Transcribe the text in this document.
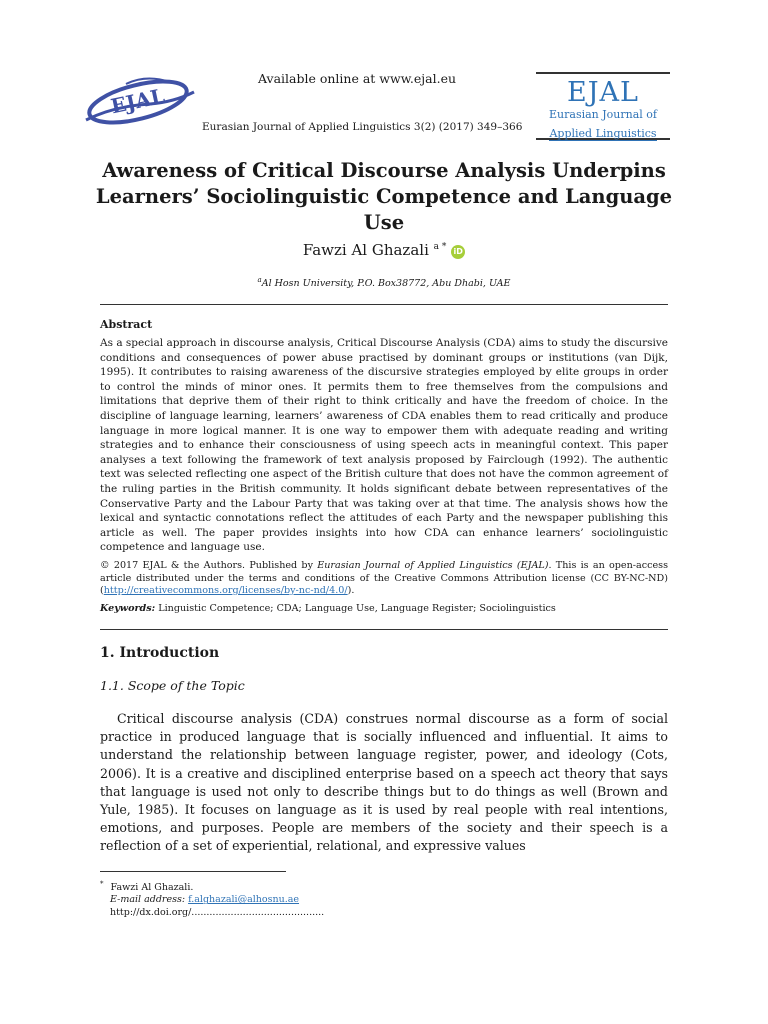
EJAL
Available online at www.ejal.eu
Eurasian Journal of Applied Linguistics 3(2) (2017) 349–366
EJAL
Eurasian Journal of
Applied Linguistics
Awareness of Critical Discourse Analysis Underpins Learners’ Sociolinguistic Competence and Language Use
Fawzi Al Ghazali $^{a *}$ iD
$^a$Al Hosn University, P.O. Box38772, Abu Dhabi, UAE
Abstract
As a special approach in discourse analysis, Critical Discourse Analysis (CDA) aims to study the discursive conditions and consequences of power abuse practised by dominant groups or institutions (van Dijk, 1995). It contributes to raising awareness of the discursive strategies employed by elite groups in order to control the minds of minor ones. It permits them to free themselves from the compulsions and limitations that deprive them of their right to think critically and have the freedom of choice. In the discipline of language learning, learners’ awareness of CDA enables them to read critically and produce language in more logical manner. It is one way to empower them with adequate reading and writing strategies and to enhance their consciousness of using speech acts in meaningful context. This paper analyses a text following the framework of text analysis proposed by Fairclough (1992). The authentic text was selected reflecting one aspect of the British culture that does not have the common agreement of the ruling parties in the British community. It holds significant debate between representatives of the Conservative Party and the Labour Party that was taking over at that time. The analysis shows how the lexical and syntactic connotations reflect the attitudes of each Party and the newspaper publishing this article as well. The paper provides insights into how CDA can enhance learners’ sociolinguistic competence and language use.
© 2017 EJAL & the Authors. Published by Eurasian Journal of Applied Linguistics (EJAL). This is an open-access article distributed under the terms and conditions of the Creative Commons Attribution license (CC BY-NC-ND) (http://creativecommons.org/licenses/by-nc-nd/4.0/).
Keywords: Linguistic Competence; CDA; Language Use, Language Register; Sociolinguistics
1. Introduction
1.1. Scope of the Topic
Critical discourse analysis (CDA) construes normal discourse as a form of social practice in produced language that is socially influenced and influential. It aims to understand the relationship between language register, power, and ideology (Cots, 2006). It is a creative and disciplined enterprise based on a speech act theory that says that language is used not only to describe things but to do things as well (Brown and Yule, 1985). It focuses on language as it is used by real people with real intentions, emotions, and purposes. People are members of the society and their speech is a reflection of a set of experiential, relational, and expressive values
* Fawzi Al Ghazali.
E-mail address: f.alghazali@alhosnu.ae
http://dx.doi.org/............................................
